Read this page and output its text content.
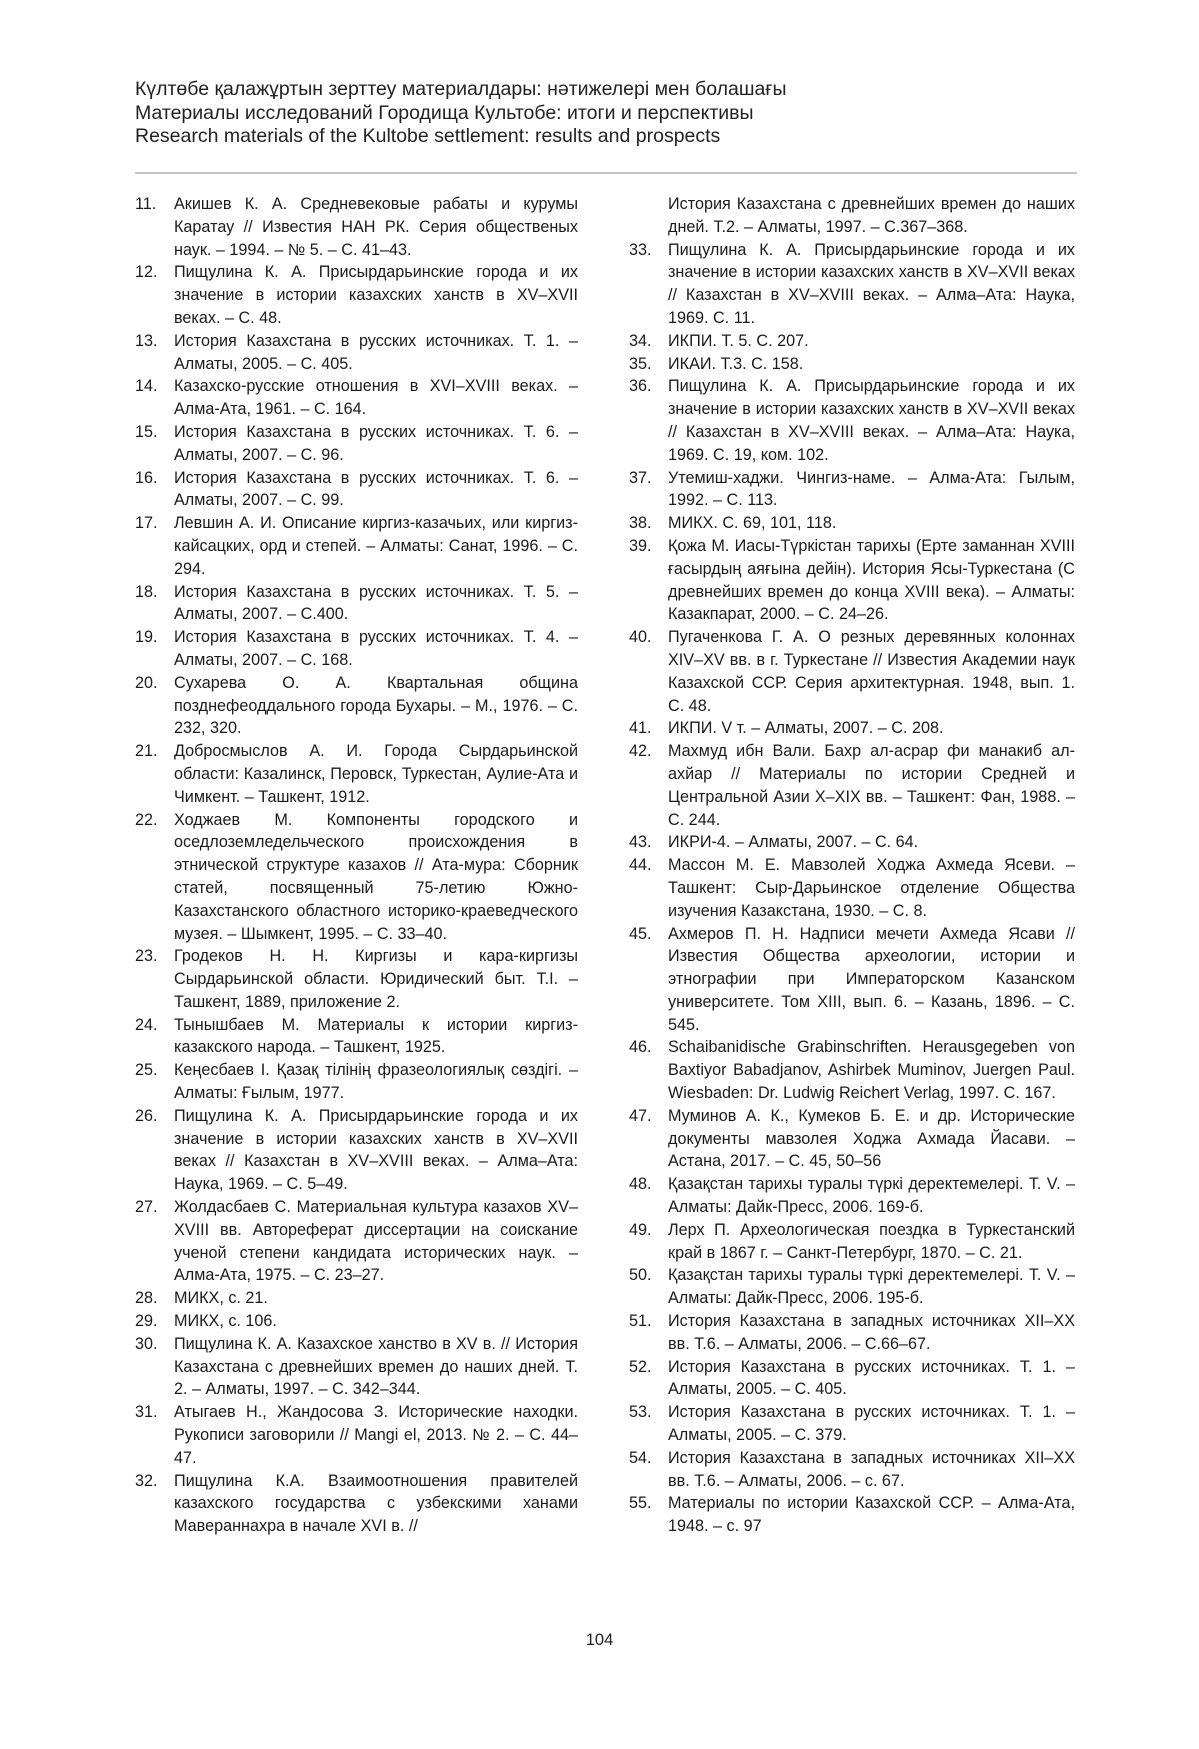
Күлтөбе қалажұртын зерттеу материалдары: нәтижелері мен болашағы
Материалы исследований Городища Культобе: итоги и перспективы
Research materials of the Kultobe settlement: results and prospects
11.	Акишев К. А. Средневековые рабаты и курумы Каратау // Известия НАН РК. Серия общественых наук. – 1994. – № 5. – С. 41–43.
12.	Пищулина К. А. Присырдарьинские города и их значение в истории казахских ханств в XV–XVII веках. – С. 48.
13.	История Казахстана в русских источниках. Т. 1. – Алматы, 2005. – С. 405.
14.	Казахско-русские отношения в XVI–XVIII веках. – Алма-Ата, 1961. – С. 164.
15.	История Казахстана в русских источниках. Т. 6. – Алматы, 2007. – С. 96.
16.	История Казахстана в русских источниках. Т. 6. – Алматы, 2007. – С. 99.
17.	Левшин А. И. Описание киргиз-казачьих, или киргиз-кайсацких, орд и степей. – Алматы: Санат, 1996. – С. 294.
18.	История Казахстана в русских источниках. Т. 5. – Алматы, 2007. – С.400.
19.	История Казахстана в русских источниках. Т. 4. – Алматы, 2007. – С. 168.
20.	Сухарева О. А. Квартальная община позднефеоддального города Бухары. – М., 1976. – С. 232, 320.
21.	Добросмыслов А. И. Города Сырдарьинской области: Казалинск, Перовск, Туркестан, Аулие-Ата и Чимкент. – Ташкент, 1912.
22.	Ходжаев М. Компоненты городского и оседлоземледельческого происхождения в этнической структуре казахов // Ата-мура: Сборник статей, посвященный 75-летию Южно-Казахстанского областного историко-краеведческого музея. – Шымкент, 1995. – С. 33–40.
23.	Гродеков Н. Н. Киргизы и кара-киргизы Сырдарьинской области. Юридический быт. Т.I. – Ташкент, 1889, приложение 2.
24.	Тынышбаев М. Материалы к истории киргиз-казакского народа. – Ташкент, 1925.
25.	Кеңесбаев І. Қазақ тілінің фразеологиялық сөздігі. – Алматы: Ғылым, 1977.
26.	Пищулина К. А. Присырдарьинские города и их значение в истории казахских ханств в XV–XVII веках // Казахстан в XV–XVIII веках. – Алма–Ата: Наука, 1969. – С. 5–49.
27.	Жолдасбаев С. Материальная культура казахов XV–XVIII вв. Автореферат диссертации на соискание ученой степени кандидата исторических наук. – Алма-Ата, 1975. – С. 23–27.
28.	МИКХ, с. 21.
29.	МИКХ, с. 106.
30.	Пищулина К. А. Казахское ханство в XV в. // История Казахстана с древнейших времен до наших дней. Т. 2. – Алматы, 1997. – С. 342–344.
31.	Атыгаев Н., Жандосова З. Исторические находки. Рукописи заговорили // Mangi el, 2013. № 2. – С. 44–47.
32.	Пищулина К.А. Взаимоотношения правителей казахского государства с узбекскими ханами Мавераннахра в начале XVI в. //
История Казахстана с древнейших времен до наших дней. Т.2. – Алматы, 1997. – С.367–368.
33.	Пищулина К. А. Присырдарьинские города и их значение в истории казахских ханств в XV–XVII веках // Казахстан в XV–XVIII веках. – Алма–Ата: Наука, 1969. С. 11.
34.	ИКПИ. Т. 5. С. 207.
35.	ИКАИ. Т.3. С. 158.
36.	Пищулина К. А. Присырдарьинские города и их значение в истории казахских ханств в XV–XVII веках // Казахстан в XV–XVIII веках. – Алма–Ата: Наука, 1969. С. 19, ком. 102.
37.	Утемиш-хаджи. Чингиз-наме. – Алма-Ата: Гылым, 1992. – С. 113.
38.	МИКХ. С. 69, 101, 118.
39.	Қожа М. Иасы-Түркістан тарихы (Ерте заманнан XVIII ғасырдың аяғына дейін). История Ясы-Туркестана (С древнейших времен до конца XVIII века). – Алматы: Казакпарат, 2000. – С. 24–26.
40.	Пугаченкова Г. А. О резных деревянных колоннах XIV–XV вв. в г. Туркестане // Известия Академии наук Казахской ССР. Серия архитектурная. 1948, вып. 1. С. 48.
41.	ИКПИ. V т. – Алматы, 2007. – С. 208.
42.	Махмуд ибн Вали. Бахр ал-асрар фи манакиб ал-ахйар // Материалы по истории Средней и Центральной Азии X–XIX вв. – Ташкент: Фан, 1988. – С. 244.
43.	ИКРИ-4. – Алматы, 2007. – С. 64.
44.	Массон М. Е. Мавзолей Ходжа Ахмеда Ясеви. – Ташкент: Сыр-Дарьинское отделение Общества изучения Казакстана, 1930. – С. 8.
45.	Ахмеров П. Н. Надписи мечети Ахмеда Ясави // Известия Общества археологии, истории и этнографии при Императорском Казанском университете. Том XIII, вып. 6. – Казань, 1896. – С. 545.
46.	Schaibanidische Grabinschriften. Herausgegeben von Baxtiyor Babadjanov, Ashirbek Muminov, Juergen Paul. Wiesbaden: Dr. Ludwig Reichert Verlag, 1997. C. 167.
47.	Муминов А. К., Кумеков Б. Е. и др. Исторические документы мавзолея Ходжа Ахмада Йасави. – Астана, 2017. – С. 45, 50–56
48.	Қазақстан тарихы туралы түркі деректемелері. Т. V. – Алматы: Дайк-Пресс, 2006. 169-б.
49.	Лерх П. Археологическая поездка в Туркестанский край в 1867 г. – Санкт-Петербург, 1870. – С. 21.
50.	Қазақстан тарихы туралы түркі деректемелері. Т. V. – Алматы: Дайк-Пресс, 2006. 195-б.
51.	История Казахстана в западных источниках XII–XX вв. Т.6. – Алматы, 2006. – С.66–67.
52.	История Казахстана в русских источниках. Т. 1. – Алматы, 2005. – С. 405.
53.	История Казахстана в русских источниках. Т. 1. – Алматы, 2005. – С. 379.
54.	История Казахстана в западных источниках XII–XX вв. Т.6. – Алматы, 2006. – с. 67.
55.	Материалы по истории Казахской ССР. – Алма-Ата, 1948. – с. 97
104
